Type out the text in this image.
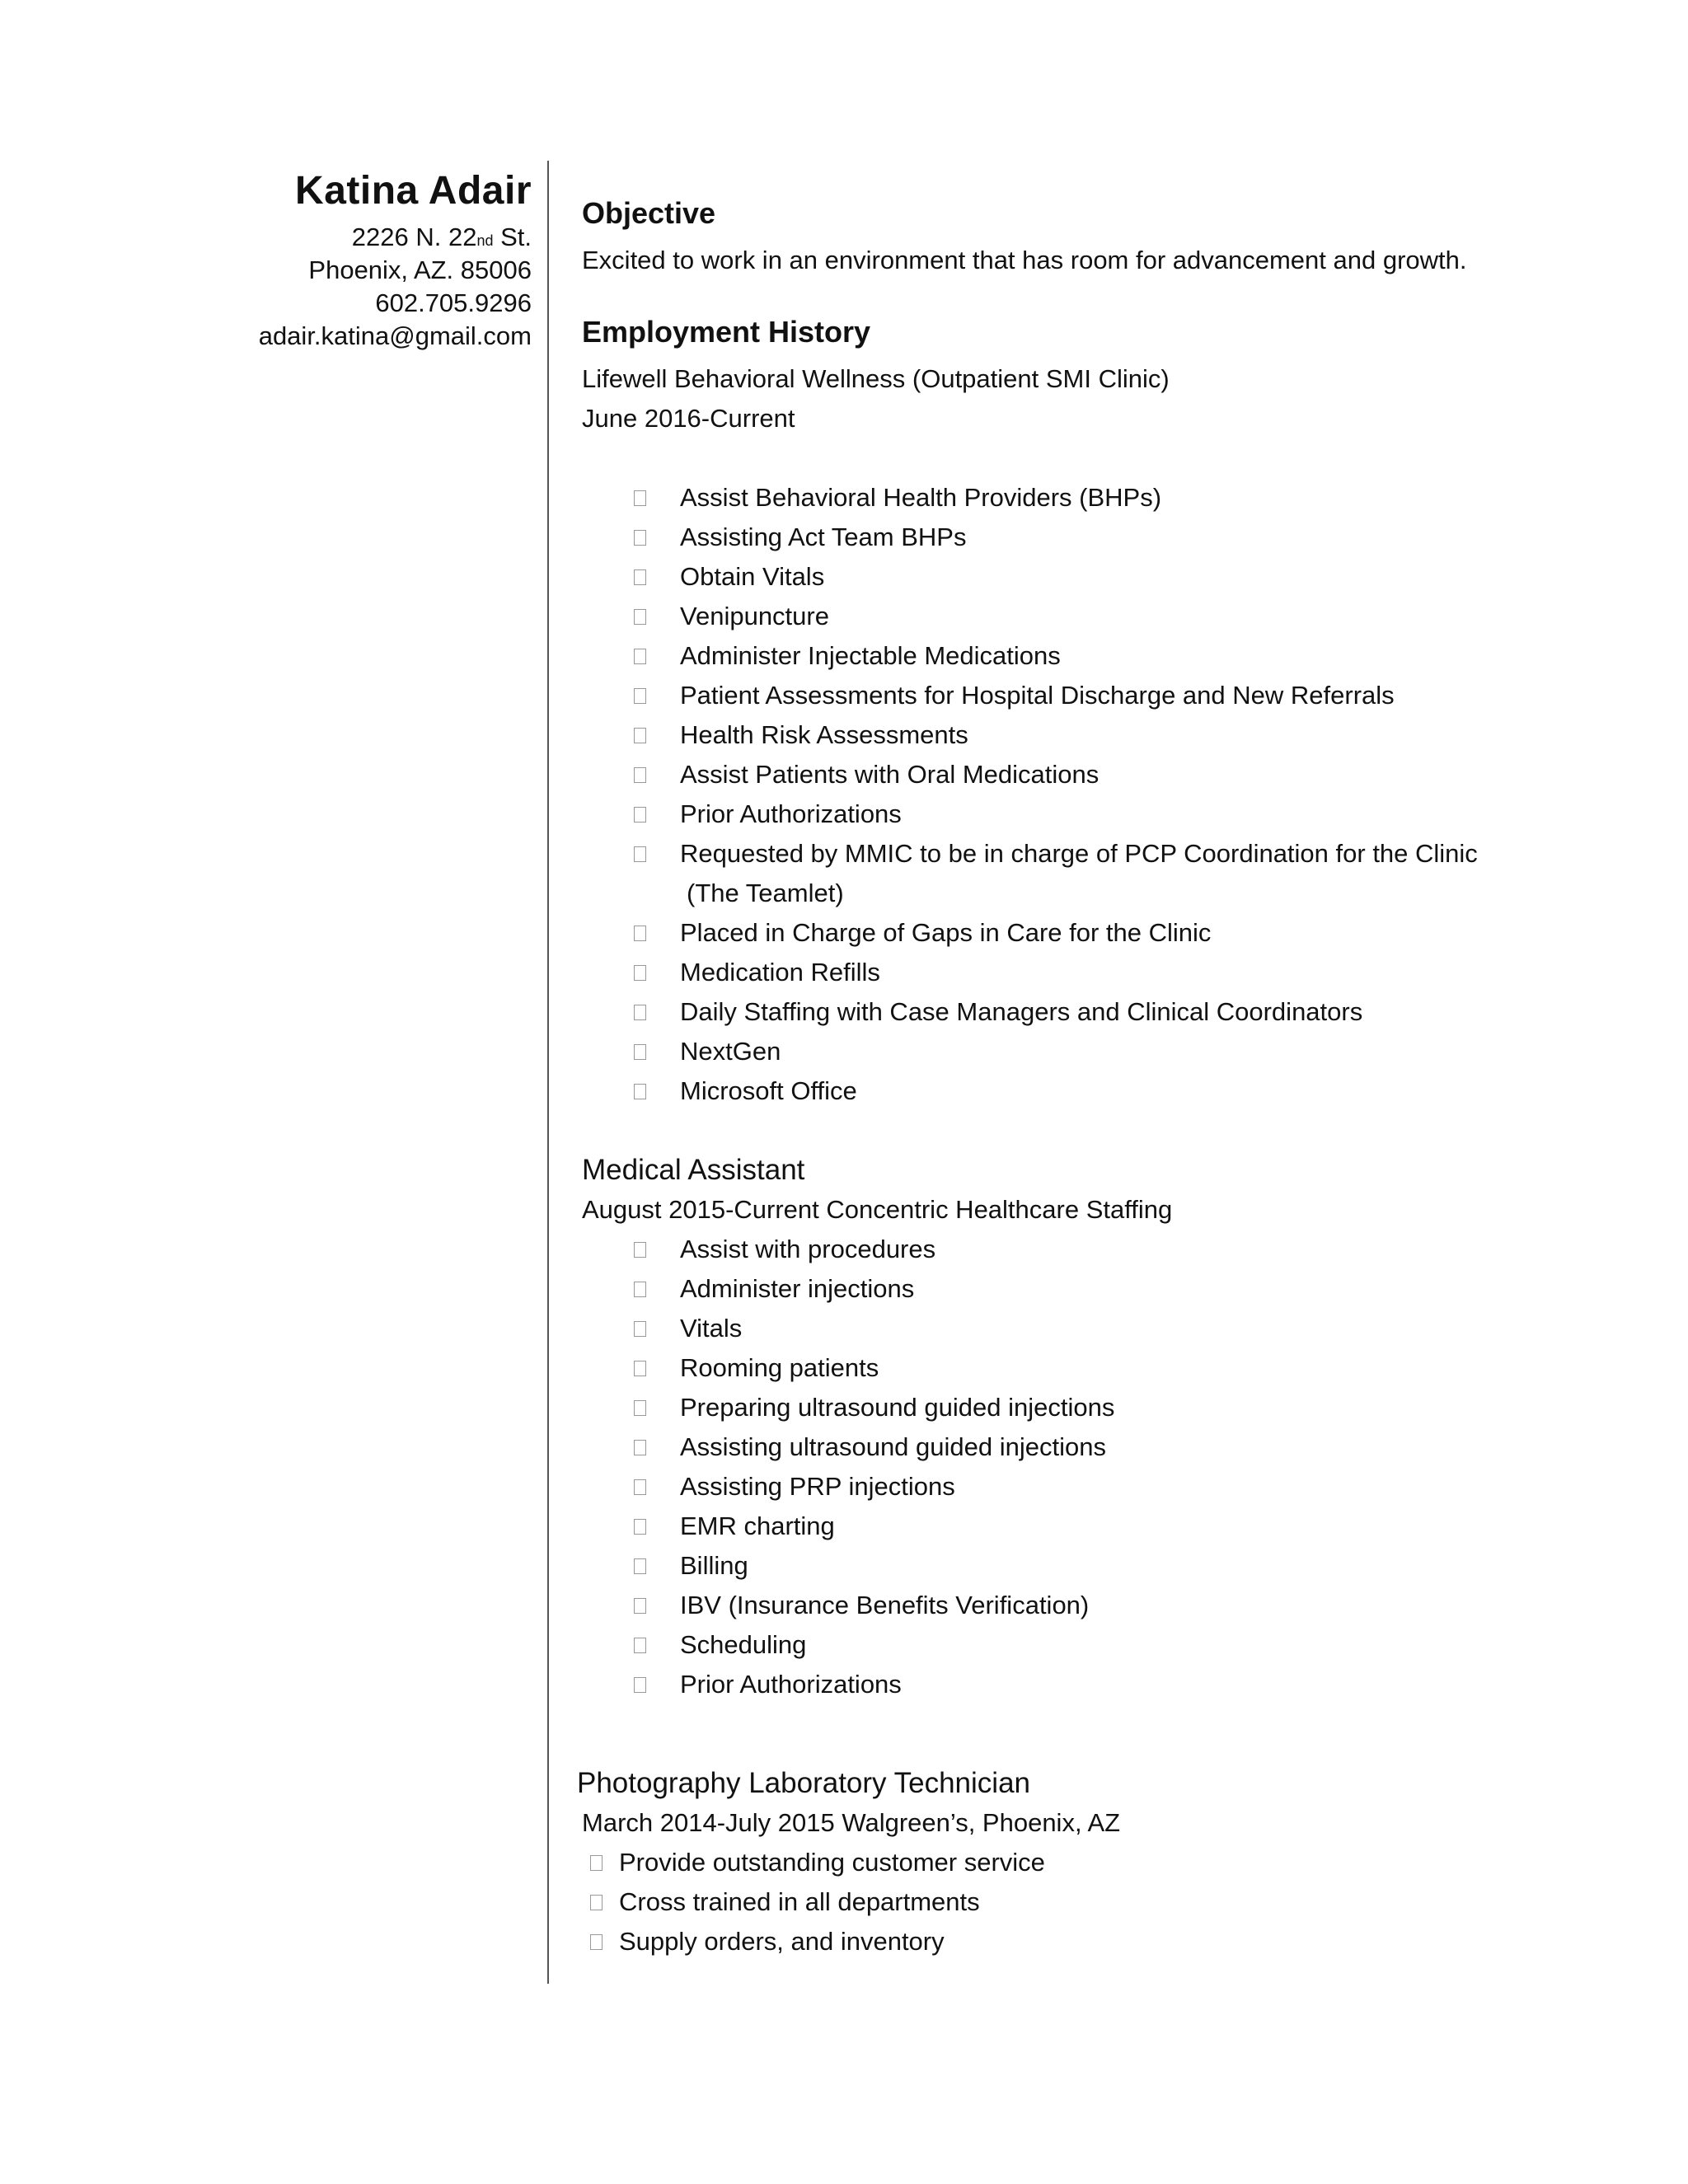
Katina Adair
2226 N. 22nd St.
Phoenix, AZ. 85006
602.705.9296
adair.katina@gmail.com
Objective
Excited to work in an environment that has room for advancement and growth.
Employment History
Lifewell Behavioral Wellness (Outpatient SMI Clinic)
June 2016-Current
Assist Behavioral Health Providers (BHPs)
Assisting Act Team BHPs
Obtain Vitals
Venipuncture
Administer Injectable Medications
Patient Assessments for Hospital Discharge and New Referrals
Health Risk Assessments
Assist Patients with Oral Medications
Prior Authorizations
Requested by MMIC to be in charge of PCP Coordination for the Clinic
(The Teamlet)
Placed in Charge of Gaps in Care for the Clinic
Medication Refills
Daily Staffing with Case Managers and Clinical Coordinators
NextGen
Microsoft Office
Medical Assistant
August 2015-Current Concentric Healthcare Staffing
Assist with procedures
Administer injections
Vitals
Rooming patients
Preparing ultrasound guided injections
Assisting ultrasound guided injections
Assisting PRP injections
EMR charting
Billing
IBV (Insurance Benefits Verification)
Scheduling
Prior Authorizations
Photography Laboratory Technician
March 2014-July 2015 Walgreen’s, Phoenix, AZ
Provide outstanding customer service
Cross trained in all departments
Supply orders, and inventory
